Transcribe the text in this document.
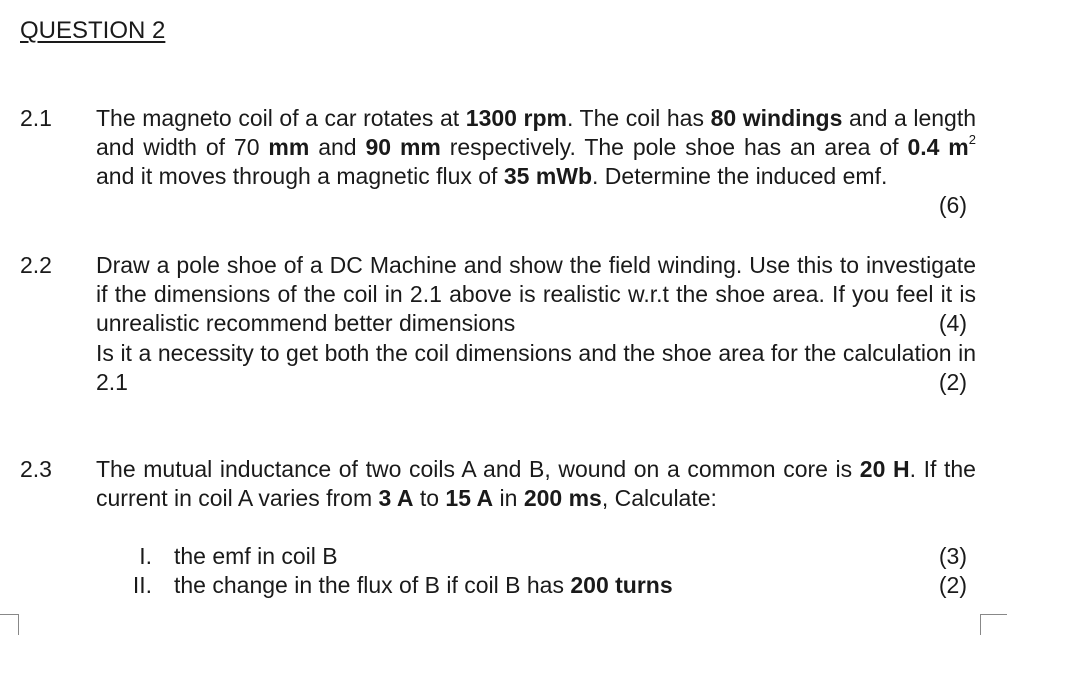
QUESTION 2
2.1 The magneto coil of a car rotates at 1300 rpm. The coil has 80 windings and a length and width of 70 mm and 90 mm respectively. The pole shoe has an area of 0.4 $m^2$ and it moves through a magnetic flux of 35 mWb. Determine the induced emf.
(6)
2.2 Draw a pole shoe of a DC Machine and show the field winding. Use this to investigate if the dimensions of the coil in 2.1 above is realistic w.r.t the shoe area. If you feel it is unrealistic recommend better dimensions	(4)
Is it a necessity to get both the coil dimensions and the shoe area for the calculation in 2.1	(2)
2.3 The mutual inductance of two coils A and B, wound on a common core is 20 H. If the current in coil A varies from 3 A to 15 A in 200 ms, Calculate:
I. the emf in coil B	(3)
II. the change in the flux of B if coil B has 200 turns	(2)
